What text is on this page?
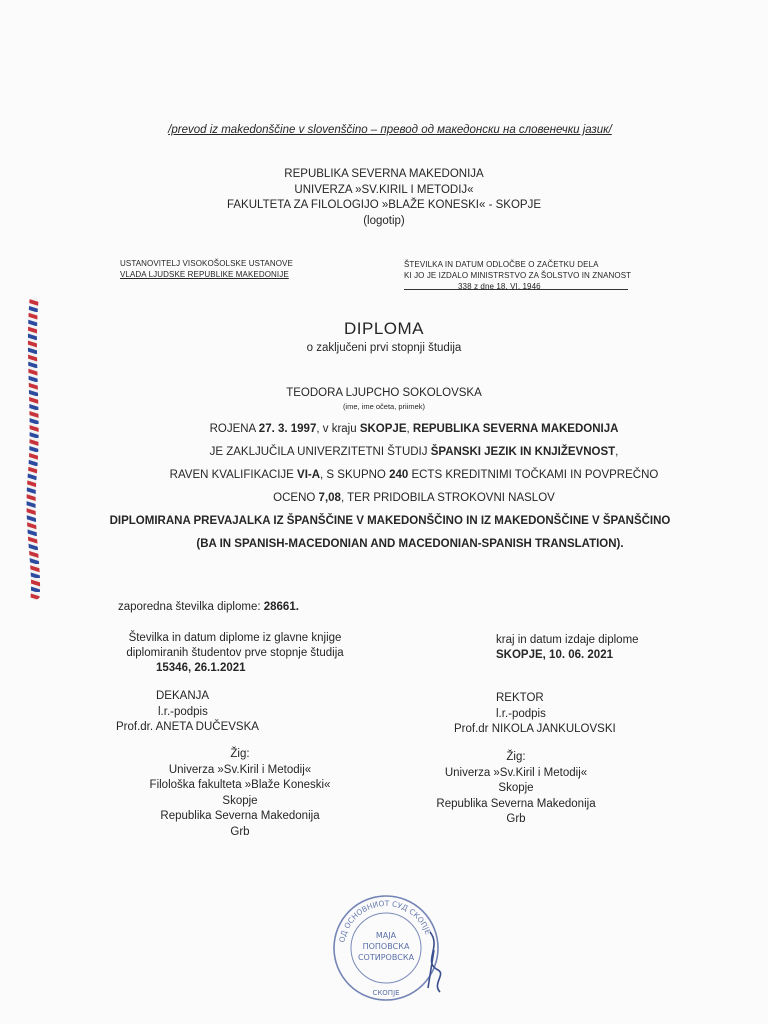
/prevod iz makedonščine v slovenščino – превод од македонски на словенечки јазик/
REPUBLIKA SEVERNA MAKEDONIJA
UNIVERZA »SV.KIRIL I METODIJ«
FAKULTETA ZA FILOLOGIJO »BLAŽE KONESKI« - SKOPJE
(logotip)
USTANOVITELJ VISOKOŠOLSKE USTANOVE
VLADA LJUDSKE REPUBLIKE MAKEDONIJE
ŠTEVILKA IN DATUM ODLOČBE O ZAČETKU DELA
KI JO JE IZDALO MINISTRSTVO ZA ŠOLSTVO IN ZNANOST
338 z dne 18. VI. 1946
DIPLOMA
o zaključeni prvi stopnji študija
TEODORA LJUPCHO SOKOLOVSKA
(ime, ime očeta, priimek)
ROJENA 27. 3. 1997, v kraju SKOPJE, REPUBLIKA SEVERNA MAKEDONIJA
JE ZAKLJUČILA UNIVERZITETNI ŠTUDIJ ŠPANSKI JEZIK IN KNJIŽEVNOST,
RAVEN KVALIFIKACIJE VI-A, S SKUPNO 240 ECTS KREDITNIMI TOČKAMI IN POVPREČNO
OCENO 7,08, TER PRIDOBILA STROKOVNI NASLOV
DIPLOMIRANA PREVAJALKA IZ ŠPANŠČINE V MAKEDONŠČINO IN IZ MAKEDONŠČINE V ŠPANŠČINO
(BA IN SPANISH-MACEDONIAN AND MACEDONIAN-SPANISH TRANSLATION).
zaporedna številka diplome: 28661.
Številka in datum diplome iz glavne knjige
diplomiranih študentov prve stopnje študija
15346, 26.1.2021
kraj in datum izdaje diplome
SKOPJE, 10. 06. 2021
DEKANJA
l.r.-podpis
Prof.dr. ANETA DUČEVSKA
REKTOR
l.r.-podpis
Prof.dr NIKOLA JANKULOVSKI
Žig:
Univerza »Sv.Kiril i Metodij«
Filološka fakulteta »Blaže Koneski«
Skopje
Republika Severna Makedonija
Grb
Žig:
Univerza »Sv.Kiril i Metodij«
Skopje
Republika Severna Makedonija
Grb
ОД ОСНОВНИОТ СУД СКОПЈЕ
МАЈА
ПОПОВСКА
СОТИРОВСКА
СКОПЈЕ
